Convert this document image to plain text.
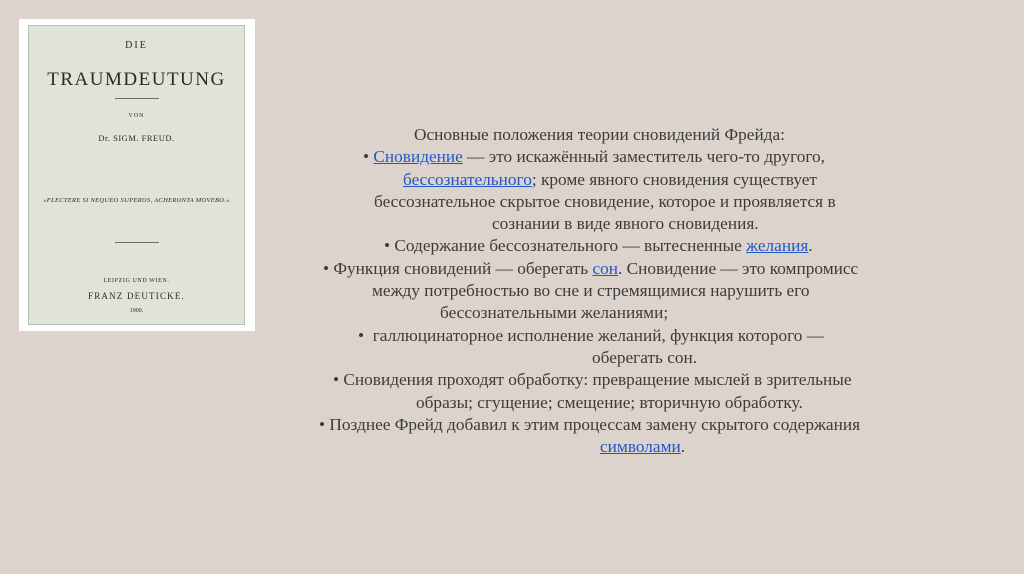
DIE
TRAUMDEUTUNG
VON
Dr. SIGM. FREUD.
»FLECTERE SI NEQUEO SUPEROS, ACHERONTA MOVEBO.«
LEIPZIG UND WIEN.
FRANZ DEUTICKE.
1900.
Основные положения теории сновидений Фрейда:
• Сновидение — это искажённый заместитель чего-то другого,
бессознательного; кроме явного сновидения существует
бессознательное скрытое сновидение, которое и проявляется в
сознании в виде явного сновидения.
• Содержание бессознательного — вытесненные желания.
• Функция сновидений — оберегать сон. Сновидение — это компромисс
между потребностью во сне и стремящимися нарушить его
бессознательными желаниями;
• галлюцинаторное исполнение желаний, функция которого —
оберегать сон.
• Сновидения проходят обработку: превращение мыслей в зрительные
образы; сгущение; смещение; вторичную обработку.
• Позднее Фрейд добавил к этим процессам замену скрытого содержания
символами.
